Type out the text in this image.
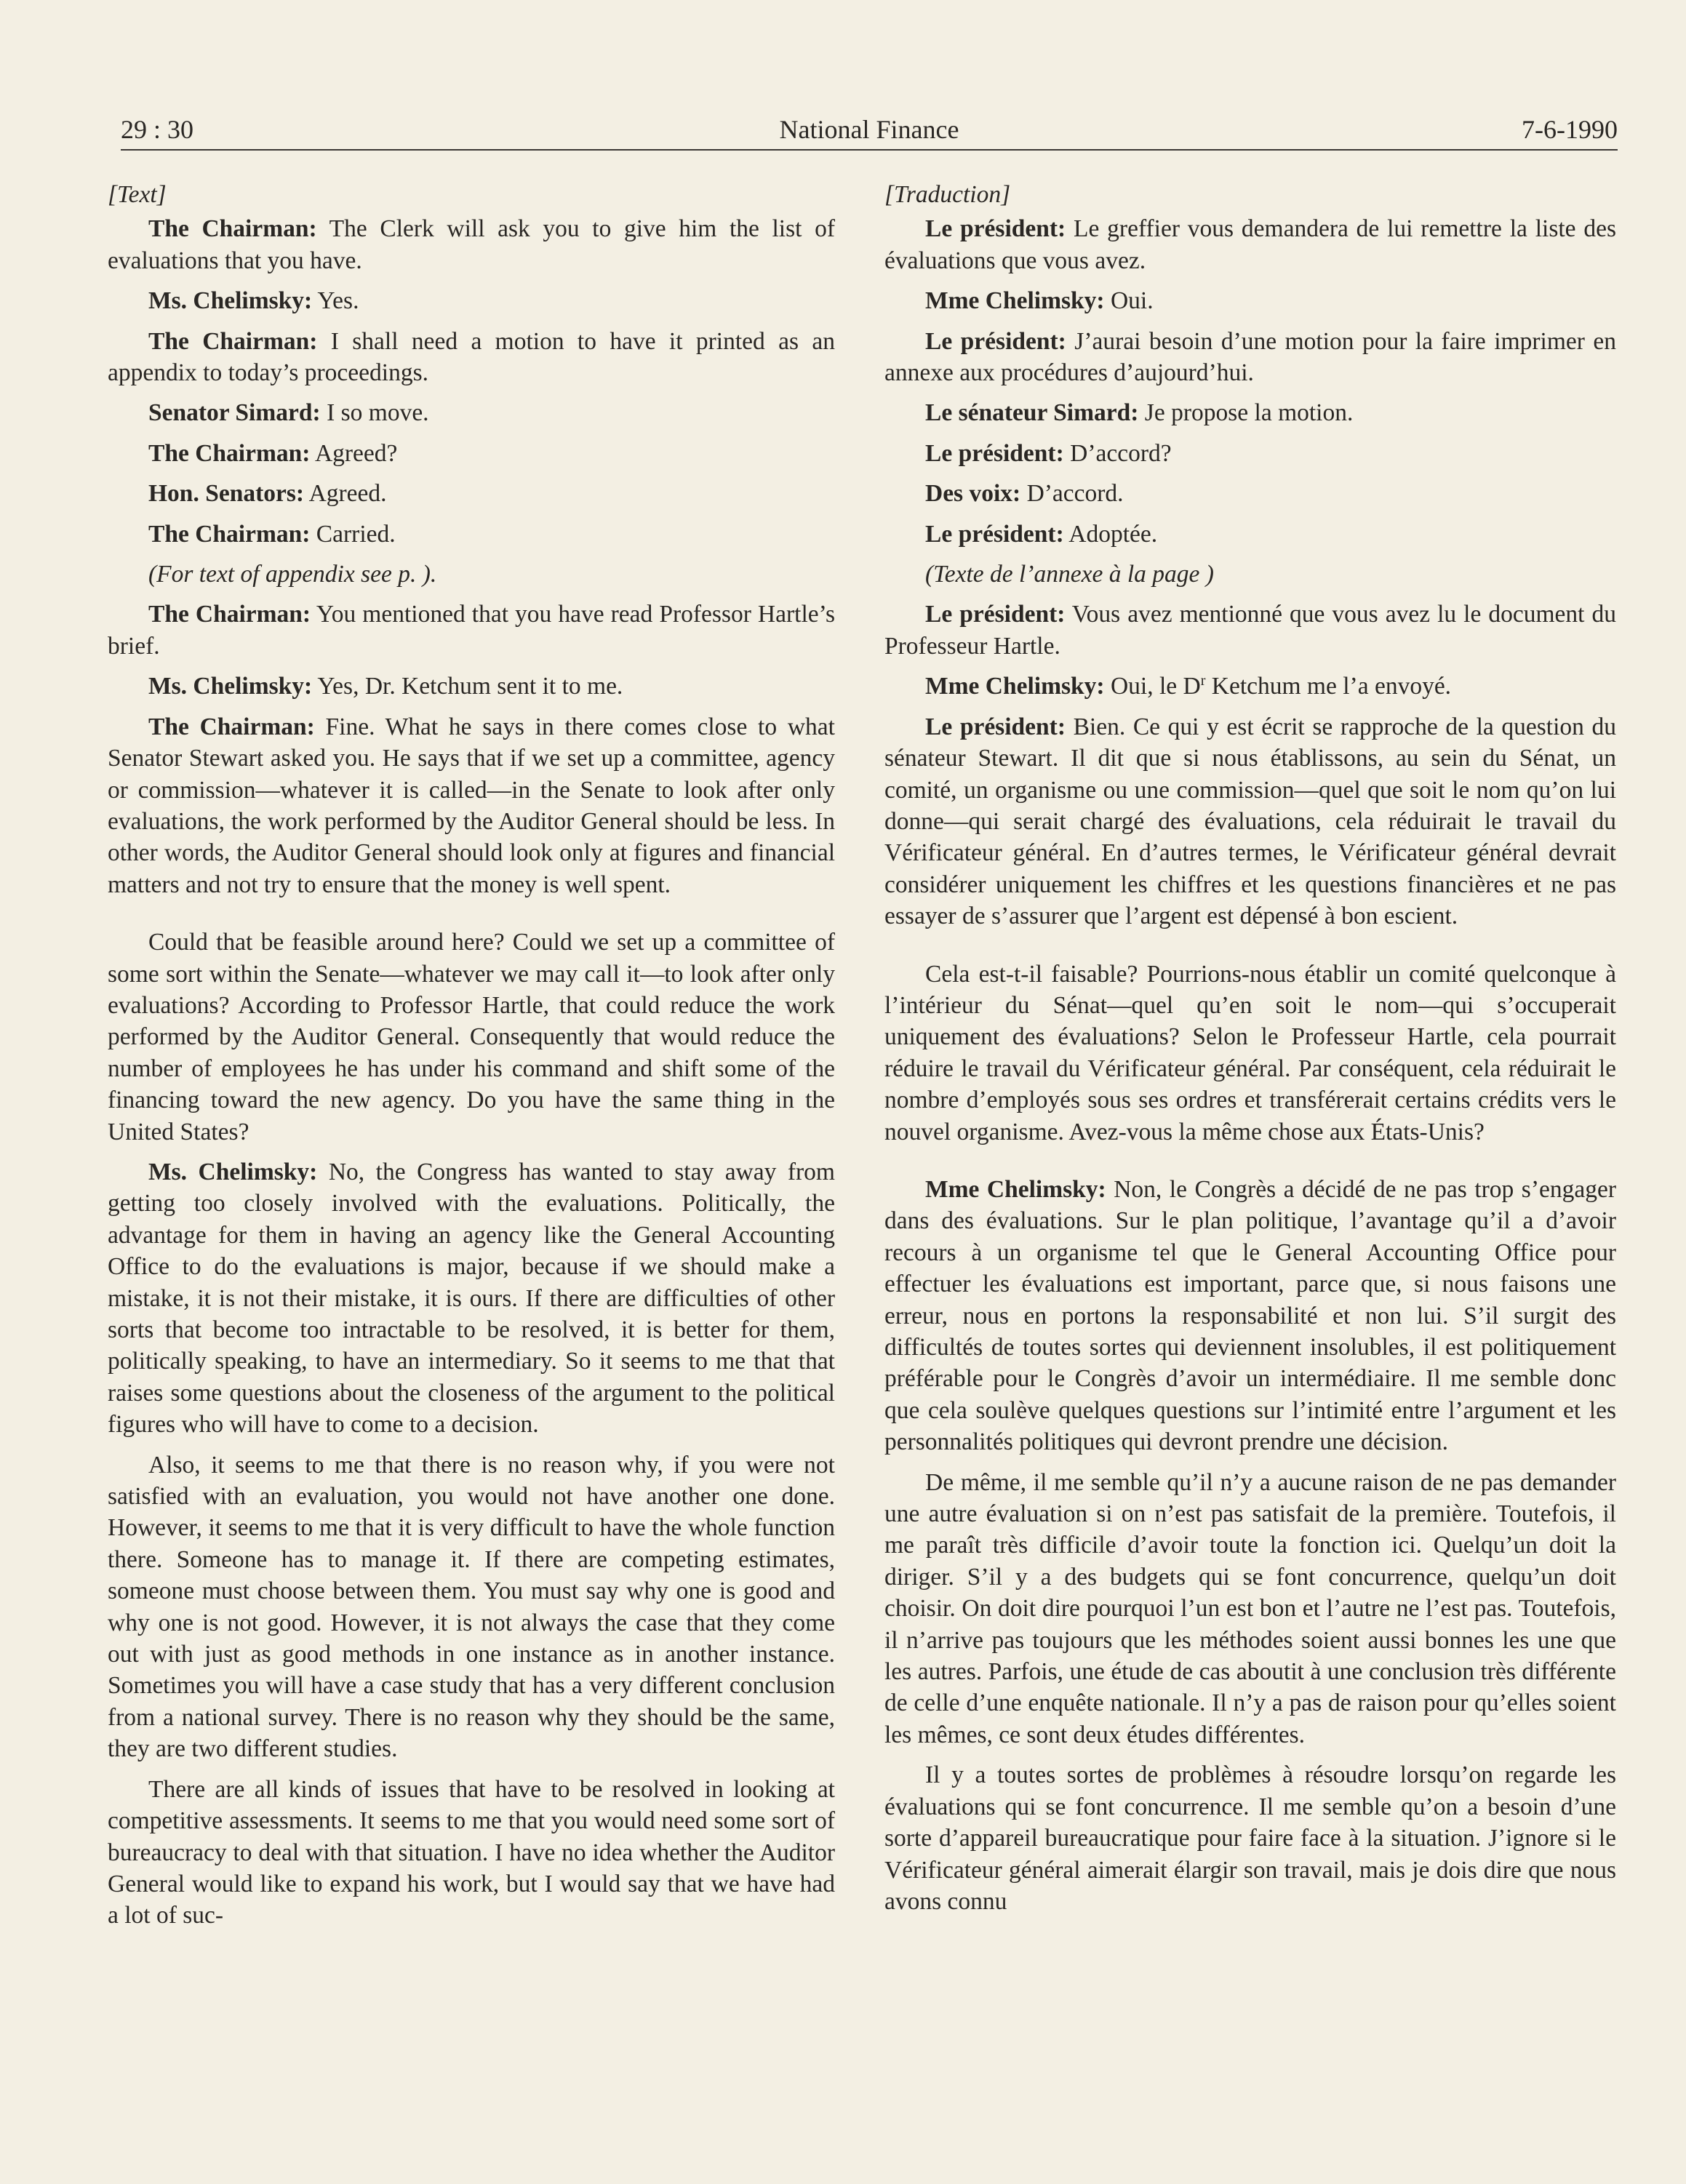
National Finance
29 : 30	7-6-1990

[Text]

The Chairman: The Clerk will ask you to give him the list of evaluations that you have.

Ms. Chelimsky: Yes.

The Chairman: I shall need a motion to have it printed as an appendix to today’s proceedings.

Senator Simard: I so move.

The Chairman: Agreed?

Hon. Senators: Agreed.

The Chairman: Carried.

(For text of appendix see p. ).

The Chairman: You mentioned that you have read Professor Hartle’s brief.

Ms. Chelimsky: Yes, Dr. Ketchum sent it to me.

The Chairman: Fine. What he says in there comes close to what Senator Stewart asked you. He says that if we set up a committee, agency or commission—whatever it is called—in the Senate to look after only evaluations, the work performed by the Auditor General should be less. In other words, the Auditor General should look only at figures and financial matters and not try to ensure that the money is well spent.

Could that be feasible around here? Could we set up a committee of some sort within the Senate—whatever we may call it—to look after only evaluations? According to Professor Hartle, that could reduce the work performed by the Auditor General. Consequently that would reduce the number of employees he has under his command and shift some of the financing toward the new agency. Do you have the same thing in the United States?

Ms. Chelimsky: No, the Congress has wanted to stay away from getting too closely involved with the evaluations. Politically, the advantage for them in having an agency like the General Accounting Office to do the evaluations is major, because if we should make a mistake, it is not their mistake, it is ours. If there are difficulties of other sorts that become too intractable to be resolved, it is better for them, politically speaking, to have an intermediary. So it seems to me that that raises some questions about the closeness of the argument to the political figures who will have to come to a decision.

Also, it seems to me that there is no reason why, if you were not satisfied with an evaluation, you would not have another one done. However, it seems to me that it is very difficult to have the whole function there. Someone has to manage it. If there are competing estimates, someone must choose between them. You must say why one is good and why one is not good. However, it is not always the case that they come out with just as good methods in one instance as in another instance. Sometimes you will have a case study that has a very different conclusion from a national survey. There is no reason why they should be the same, they are two different studies.

There are all kinds of issues that have to be resolved in looking at competitive assessments. It seems to me that you would need some sort of bureaucracy to deal with that situation. I have no idea whether the Auditor General would like to expand his work, but I would say that we have had a lot of suc-

[Traduction]

Le président: Le greffier vous demandera de lui remettre la liste des évaluations que vous avez.

Mme Chelimsky: Oui.

Le président: J’aurai besoin d’une motion pour la faire imprimer en annexe aux procédures d’aujourd’hui.

Le sénateur Simard: Je propose la motion.

Le président: D’accord?

Des voix: D’accord.

Le président: Adoptée.

(Texte de l’annexe à la page )

Le président: Vous avez mentionné que vous avez lu le document du Professeur Hartle.

Mme Chelimsky: Oui, le $D^r$ Ketchum me l’a envoyé.

Le président: Bien. Ce qui y est écrit se rapproche de la question du sénateur Stewart. Il dit que si nous établissons, au sein du Sénat, un comité, un organisme ou une commission—quel que soit le nom qu’on lui donne—qui serait chargé des évaluations, cela réduirait le travail du Vérificateur général. En d’autres termes, le Vérificateur général devrait considérer uniquement les chiffres et les questions financières et ne pas essayer de s’assurer que l’argent est dépensé à bon escient.

Cela est-t-il faisable? Pourrions-nous établir un comité quelconque à l’intérieur du Sénat—quel qu’en soit le nom—qui s’occuperait uniquement des évaluations? Selon le Professeur Hartle, cela pourrait réduire le travail du Vérificateur général. Par conséquent, cela réduirait le nombre d’employés sous ses ordres et transférerait certains crédits vers le nouvel organisme. Avez-vous la même chose aux États-Unis?

Mme Chelimsky: Non, le Congrès a décidé de ne pas trop s’engager dans des évaluations. Sur le plan politique, l’avantage qu’il a d’avoir recours à un organisme tel que le General Accounting Office pour effectuer les évaluations est important, parce que, si nous faisons une erreur, nous en portons la responsabilité et non lui. S’il surgit des difficultés de toutes sortes qui deviennent insolubles, il est politiquement préférable pour le Congrès d’avoir un intermédiaire. Il me semble donc que cela soulève quelques questions sur l’intimité entre l’argument et les personnalités politiques qui devront prendre une décision.

De même, il me semble qu’il n’y a aucune raison de ne pas demander une autre évaluation si on n’est pas satisfait de la première. Toutefois, il me paraît très difficile d’avoir toute la fonction ici. Quelqu’un doit la diriger. S’il y a des budgets qui se font concurrence, quelqu’un doit choisir. On doit dire pourquoi l’un est bon et l’autre ne l’est pas. Toutefois, il n’arrive pas toujours que les méthodes soient aussi bonnes les une que les autres. Parfois, une étude de cas aboutit à une conclusion très différente de celle d’une enquête nationale. Il n’y a pas de raison pour qu’elles soient les mêmes, ce sont deux études différentes.

Il y a toutes sortes de problèmes à résoudre lorsqu’on regarde les évaluations qui se font concurrence. Il me semble qu’on a besoin d’une sorte d’appareil bureaucratique pour faire face à la situation. J’ignore si le Vérificateur général aimerait élargir son travail, mais je dois dire que nous avons connu
